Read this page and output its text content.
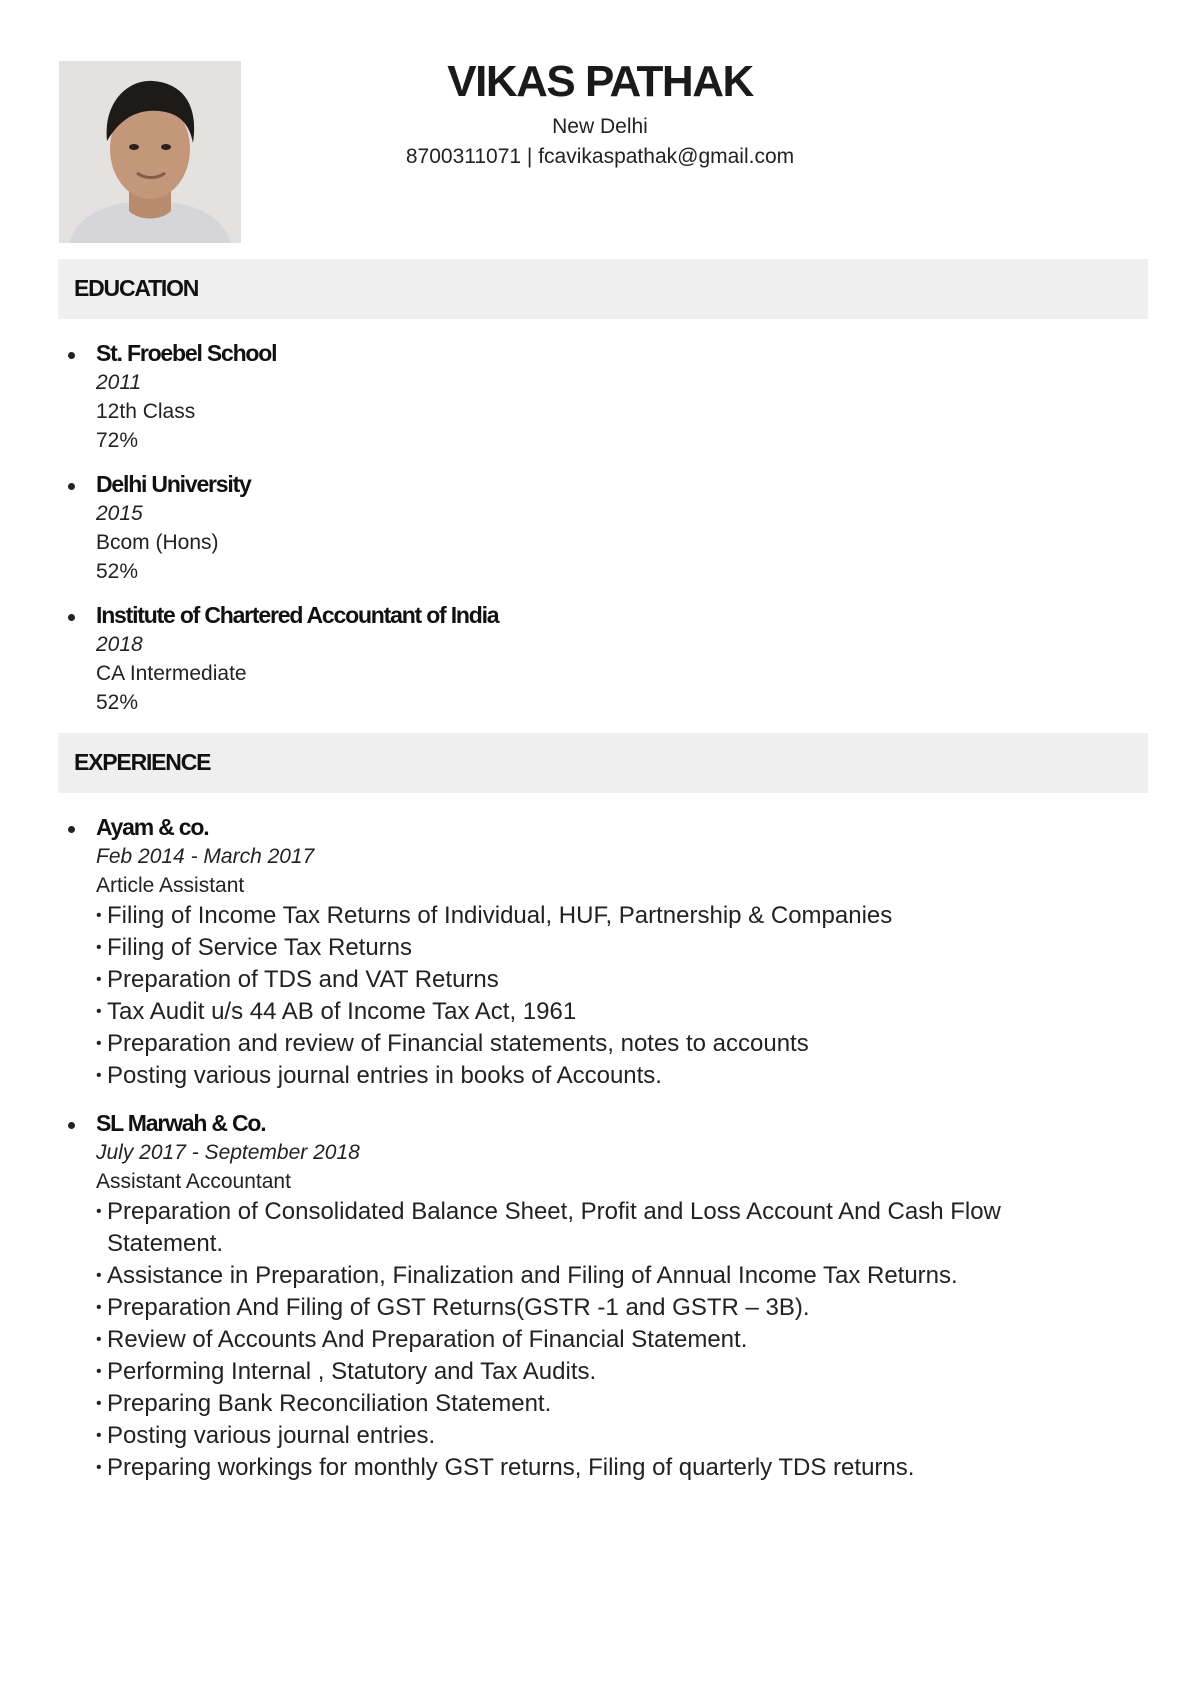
VIKAS PATHAK
New Delhi
8700311071 | fcavikaspathak@gmail.com
EDUCATION
St. Froebel School
2011
12th Class
72%
Delhi University
2015
Bcom (Hons)
52%
Institute of Chartered Accountant of India
2018
CA Intermediate
52%
EXPERIENCE
Ayam & co.
Feb 2014 - March 2017
Article Assistant
• Filing of Income Tax Returns of Individual, HUF, Partnership & Companies
• Filing of Service Tax Returns
• Preparation of TDS and VAT Returns
• Tax Audit u/s 44 AB of Income Tax Act, 1961
• Preparation and review of Financial statements, notes to accounts
• Posting various journal entries in books of Accounts.
SL Marwah & Co.
July 2017 - September 2018
Assistant Accountant
• Preparation of Consolidated Balance Sheet, Profit and Loss Account And Cash Flow Statement.
• Assistance in Preparation, Finalization and Filing of Annual Income Tax Returns.
• Preparation And Filing of GST Returns(GSTR -1 and GSTR – 3B).
• Review of Accounts And Preparation of Financial Statement.
• Performing Internal , Statutory and Tax Audits.
• Preparing Bank Reconciliation Statement.
• Posting various journal entries.
• Preparing workings for monthly GST returns, Filing of quarterly TDS returns.
